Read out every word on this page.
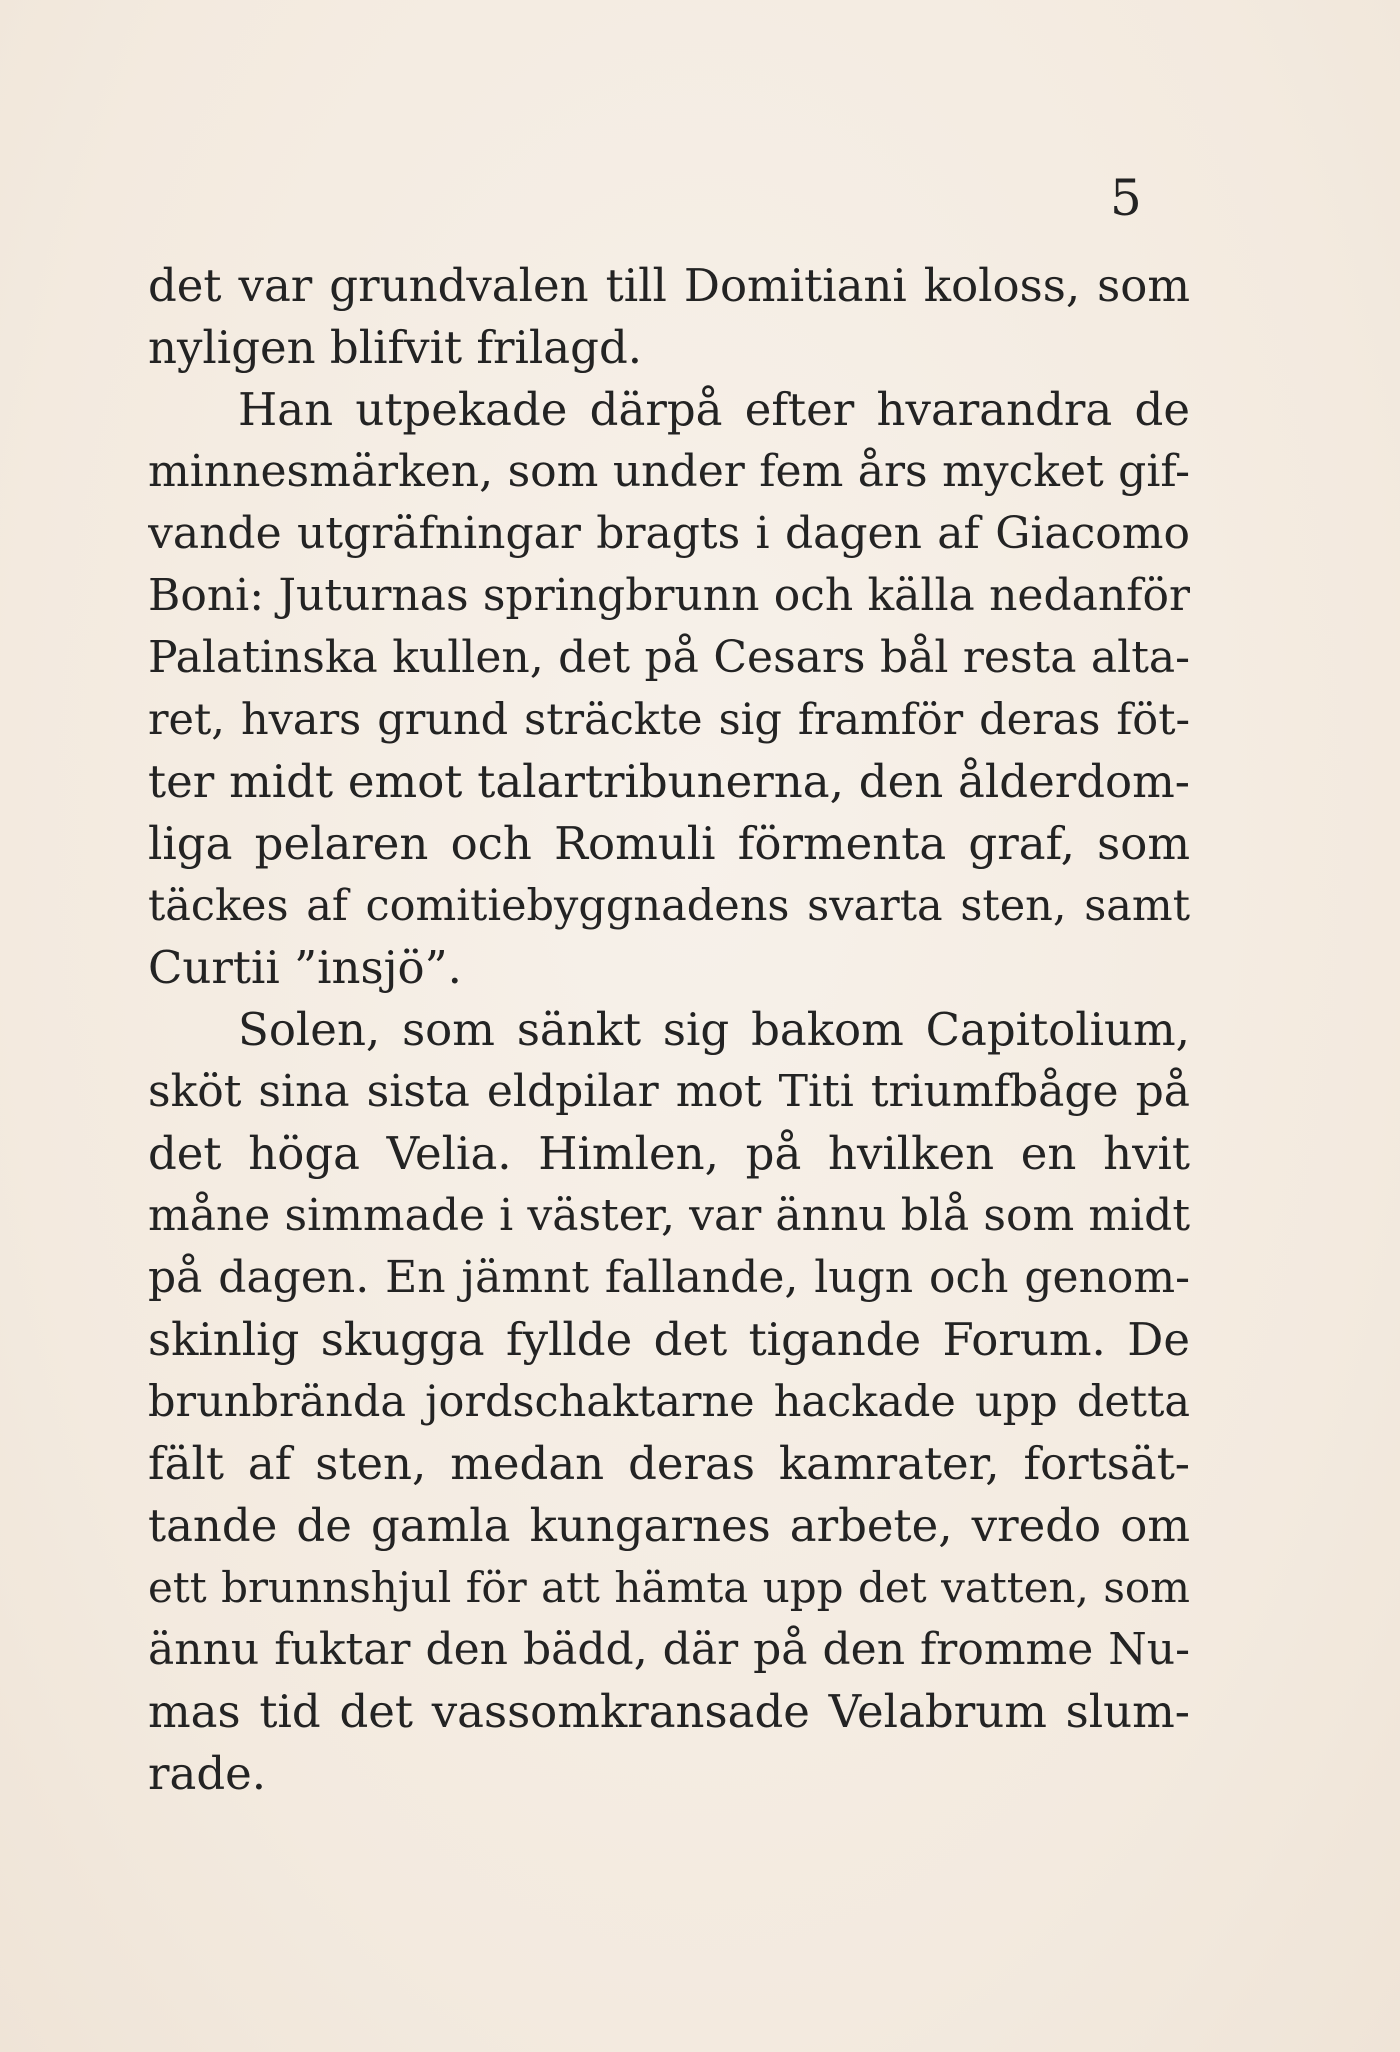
5
det var grundvalen till Domitiani koloss, som
nyligen blifvit frilagd.
Han utpekade därpå efter hvarandra de
minnesmärken, som under fem års mycket gif-
vande utgräfningar bragts i dagen af Giacomo
Boni: Juturnas springbrunn och källa nedanför
Palatinska kullen, det på Cesars bål resta alta-
ret, hvars grund sträckte sig framför deras föt-
ter midt emot talartribunerna, den ålderdom-
liga pelaren och Romuli förmenta graf, som
täckes af comitiebyggnadens svarta sten, samt
Curtii ”insjö”.
Solen, som sänkt sig bakom Capitolium,
sköt sina sista eldpilar mot Titi triumfbåge på
det höga Velia. Himlen, på hvilken en hvit
måne simmade i väster, var ännu blå som midt
på dagen. En jämnt fallande, lugn och genom-
skinlig skugga fyllde det tigande Forum. De
brunbrända jordschaktarne hackade upp detta
fält af sten, medan deras kamrater, fortsät-
tande de gamla kungarnes arbete, vredo om
ett brunnshjul för att hämta upp det vatten, som
ännu fuktar den bädd, där på den fromme Nu-
mas tid det vassomkransade Velabrum slum-
rade.
